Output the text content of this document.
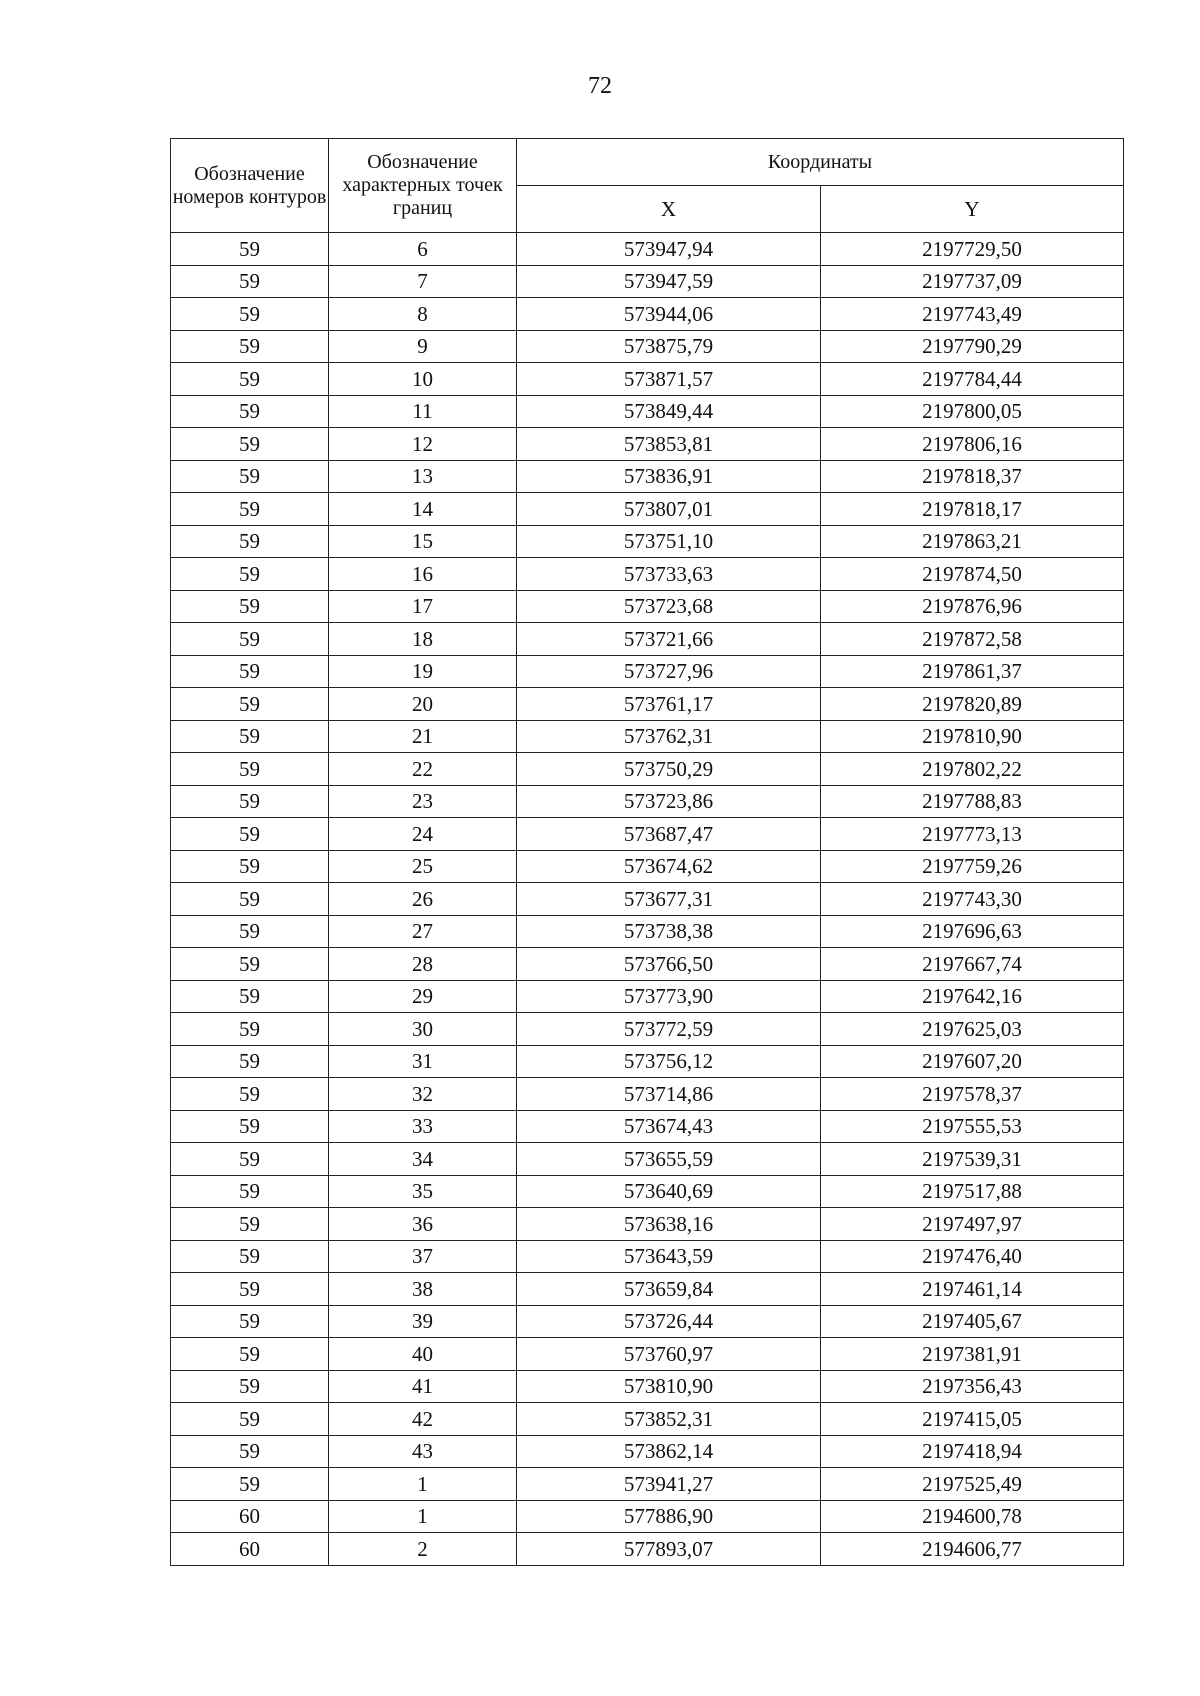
72
Обозначение номеров контуров	Обозначение характерных точек границ	Координаты	
		X	Y
59	6	573947,94	2197729,50
59	7	573947,59	2197737,09
59	8	573944,06	2197743,49
59	9	573875,79	2197790,29
59	10	573871,57	2197784,44
59	11	573849,44	2197800,05
59	12	573853,81	2197806,16
59	13	573836,91	2197818,37
59	14	573807,01	2197818,17
59	15	573751,10	2197863,21
59	16	573733,63	2197874,50
59	17	573723,68	2197876,96
59	18	573721,66	2197872,58
59	19	573727,96	2197861,37
59	20	573761,17	2197820,89
59	21	573762,31	2197810,90
59	22	573750,29	2197802,22
59	23	573723,86	2197788,83
59	24	573687,47	2197773,13
59	25	573674,62	2197759,26
59	26	573677,31	2197743,30
59	27	573738,38	2197696,63
59	28	573766,50	2197667,74
59	29	573773,90	2197642,16
59	30	573772,59	2197625,03
59	31	573756,12	2197607,20
59	32	573714,86	2197578,37
59	33	573674,43	2197555,53
59	34	573655,59	2197539,31
59	35	573640,69	2197517,88
59	36	573638,16	2197497,97
59	37	573643,59	2197476,40
59	38	573659,84	2197461,14
59	39	573726,44	2197405,67
59	40	573760,97	2197381,91
59	41	573810,90	2197356,43
59	42	573852,31	2197415,05
59	43	573862,14	2197418,94
59	1	573941,27	2197525,49
60	1	577886,90	2194600,78
60	2	577893,07	2194606,77
